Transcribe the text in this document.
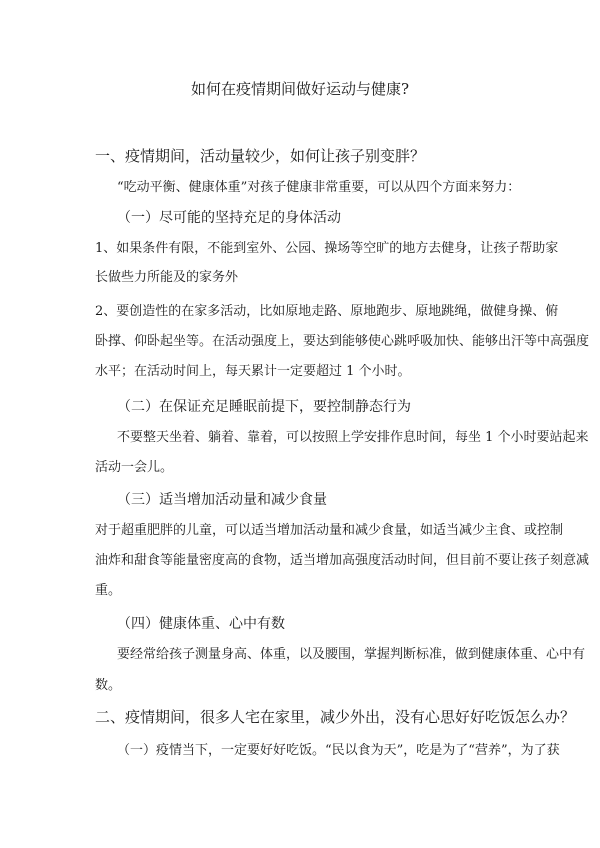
如何在疫情期间做好运动与健康?
一、疫情期间，活动量较少，如何让孩子别变胖？
“吃动平衡、健康体重”对孩子健康非常重要，可以从四个方面来努力：
（一）尽可能的坚持充足的身体活动
1、如果条件有限，不能到室外、公园、操场等空旷的地方去健身，让孩子帮助家
长做些力所能及的家务外
2、要创造性的在家多活动，比如原地走路、原地跑步、原地跳绳，做健身操、俯
卧撑、仰卧起坐等。在活动强度上，要达到能够使心跳呼吸加快、能够出汗等中高强度
水平；在活动时间上，每天累计一定要超过 1 个小时。
（二）在保证充足睡眠前提下，要控制静态行为
不要整天坐着、躺着、靠着，可以按照上学安排作息时间，每坐 1 个小时要站起来
活动一会儿。
（三）适当增加活动量和减少食量
对于超重肥胖的儿童，可以适当增加活动量和减少食量，如适当减少主食、或控制
油炸和甜食等能量密度高的食物，适当增加高强度活动时间，但目前不要让孩子刻意减
重。
（四）健康体重、心中有数
要经常给孩子测量身高、体重，以及腰围，掌握判断标准，做到健康体重、心中有
数。
二、疫情期间，很多人宅在家里，减少外出，没有心思好好吃饭怎么办？
（一）疫情当下，一定要好好吃饭。“民以食为天”，吃是为了“营养”，为了获
